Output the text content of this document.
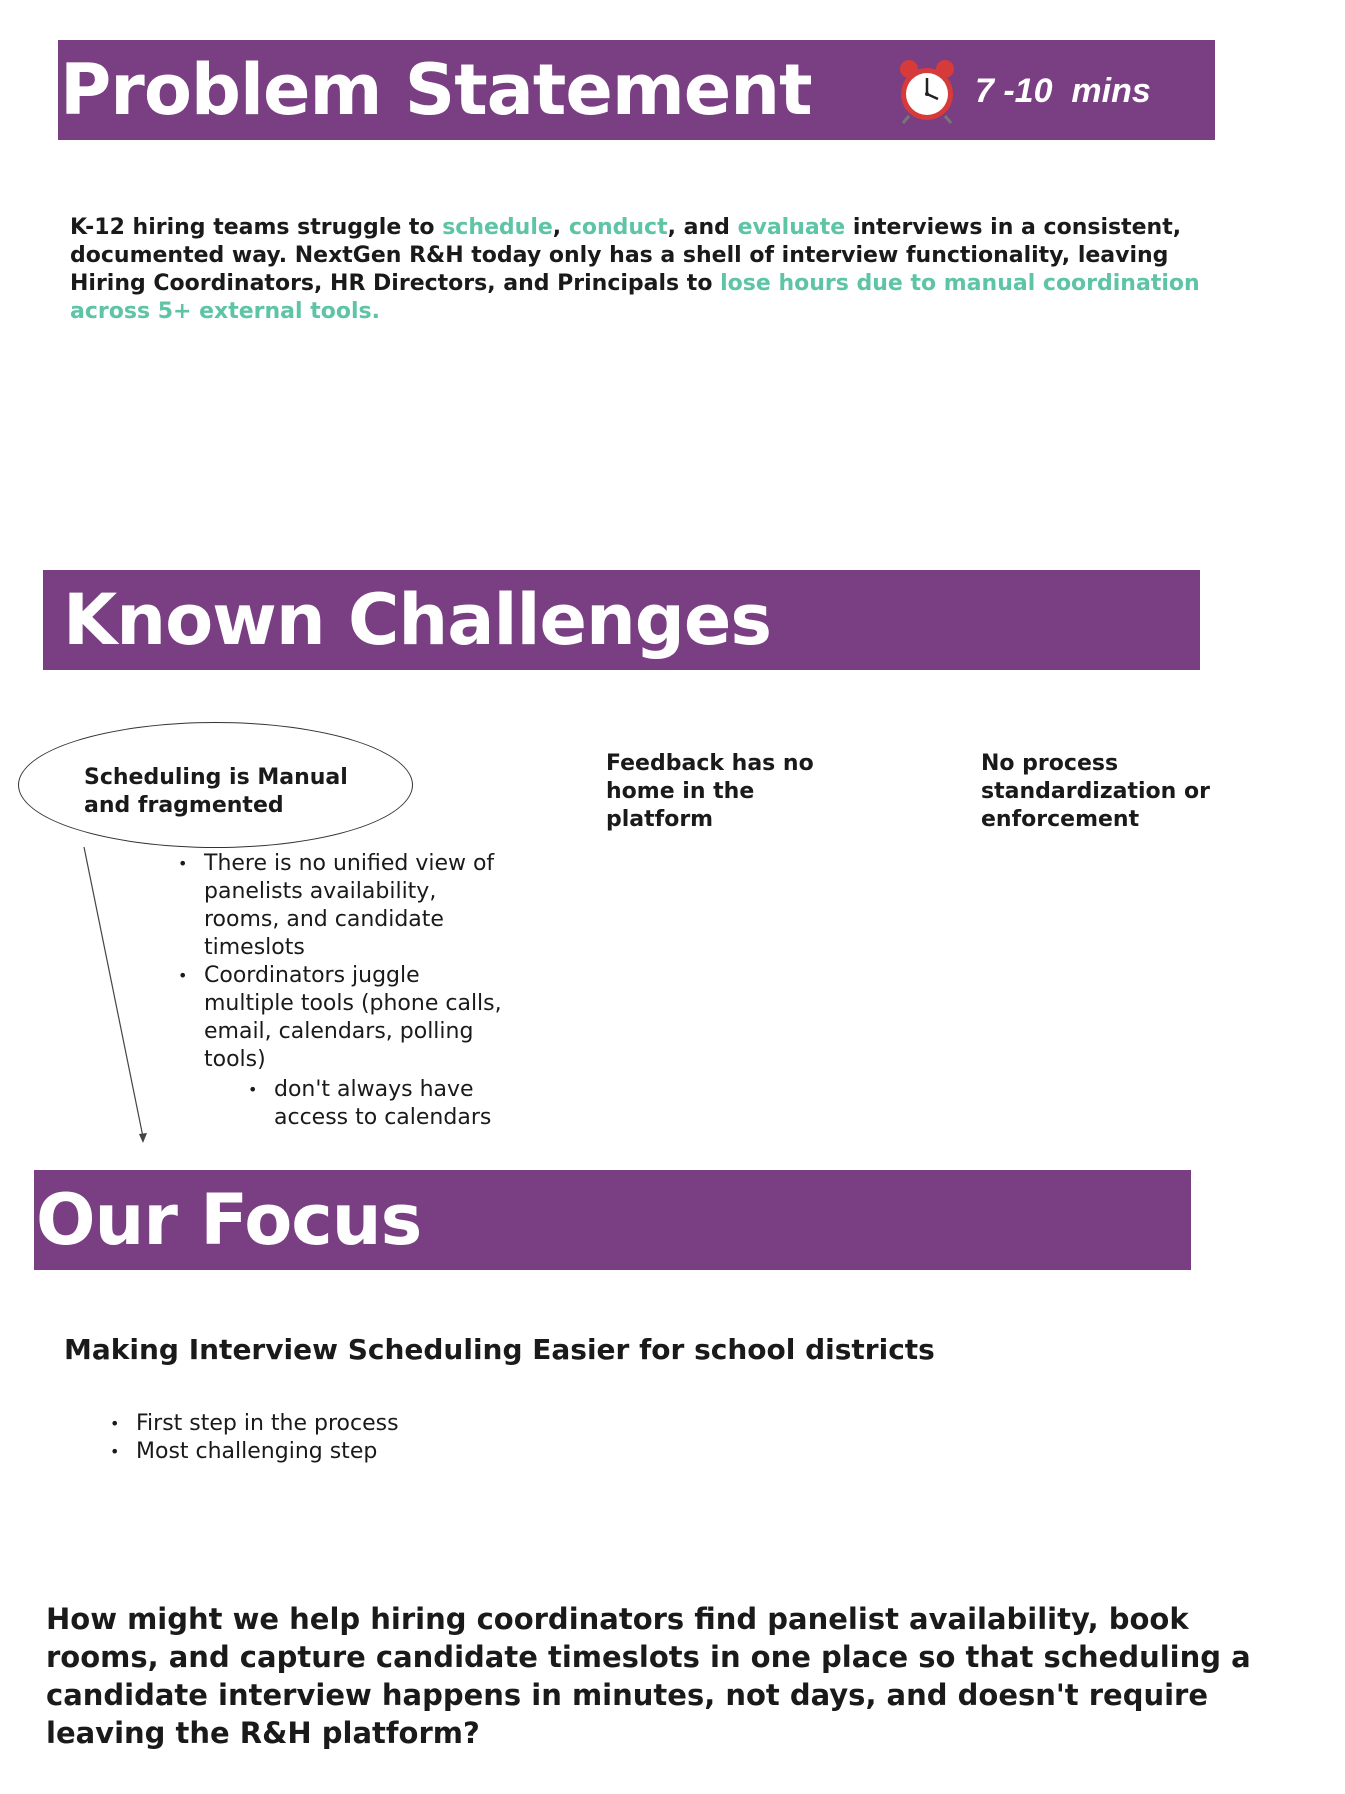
Problem Statement	7 -10  mins

K-12 hiring teams struggle to schedule, conduct, and evaluate interviews in a consistent, documented way. NextGen R&H today only has a shell of interview functionality, leaving Hiring Coordinators, HR Directors, and Principals to lose hours due to manual coordination across 5+ external tools.

Known Challenges

Scheduling is Manual and fragmented

Feedback has no home in the platform

No process standardization or enforcement

• There is no unified view of panelists availability, rooms, and candidate timeslots
• Coordinators juggle multiple tools (phone calls, email, calendars, polling tools)
• don't always have access to calendars
Our Focus

Making Interview Scheduling Easier for school districts

• First step in the process
• Most challenging step

How might we help hiring coordinators find panelist availability, book rooms, and capture candidate timeslots in one place so that scheduling a candidate interview happens in minutes, not days, and doesn't require leaving the R&H platform?
